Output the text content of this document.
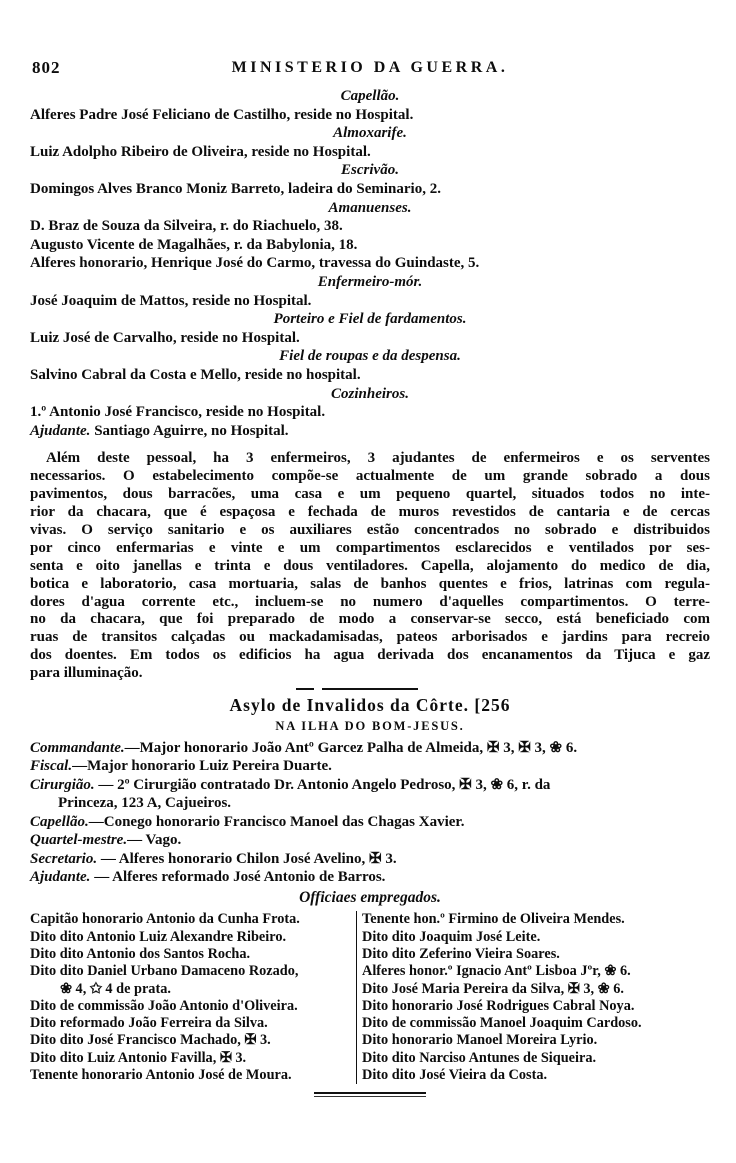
802	MINISTERIO DA GUERRA.
Capellão.
Alferes Padre José Feliciano de Castilho, reside no Hospital.
Almoxarife.
Luiz Adolpho Ribeiro de Oliveira, reside no Hospital.
Escrivão.
Domingos Alves Branco Moniz Barreto, ladeira do Seminario, 2.
Amanuenses.
D. Braz de Souza da Silveira, r. do Riachuelo, 38.
Augusto Vicente de Magalhães, r. da Babylonia, 18.
Alferes honorario, Henrique José do Carmo, travessa do Guindaste, 5.
Enfermeiro-mór.
José Joaquim de Mattos, reside no Hospital.
Porteiro e Fiel de fardamentos.
Luiz José de Carvalho, reside no Hospital.
Fiel de roupas e da despensa.
Salvino Cabral da Costa e Mello, reside no hospital.
Cozinheiros.
1.º Antonio José Francisco, reside no Hospital.
Ajudante. Santiago Aguirre, no Hospital.
Além deste pessoal, ha 3 enfermeiros, 3 ajudantes de enfermeiros e os serventes
necessarios. O estabelecimento compõe-se actualmente de um grande sobrado a dous
pavimentos, dous barracões, uma casa e um pequeno quartel, situados todos no inte-
rior da chacara, que é espaçosa e fechada de muros revestidos de cantaria e de cercas
vivas. O serviço sanitario e os auxiliares estão concentrados no sobrado e distribuidos
por cinco enfermarias e vinte e um compartimentos esclarecidos e ventilados por ses-
senta e oito janellas e trinta e dous ventiladores. Capella, alojamento do medico de dia,
botica e laboratorio, casa mortuaria, salas de banhos quentes e frios, latrinas com regula-
dores d'agua corrente etc., incluem-se no numero d'aquelles compartimentos. O terre-
no da chacara, que foi preparado de modo a conservar-se secco, está beneficiado com
ruas de transitos calçadas ou mackadamisadas, pateos arborisados e jardins para recreio
dos doentes. Em todos os edificios ha agua derivada dos encanamentos da Tijuca e gaz
para illuminação.
Asylo de Invalidos da Côrte. [256
NA ILHA DO BOM-JESUS.
Commandante.—Major honorario João Antº Garcez Palha de Almeida, ✠ 3, ✠ 3, ❀ 6.
Fiscal.—Major honorario Luiz Pereira Duarte.
Cirurgião. — 2º Cirurgião contratado Dr. Antonio Angelo Pedroso, ✠ 3, ❀ 6, r. da
Princeza, 123 A, Cajueiros.
Capellão.—Conego honorario Francisco Manoel das Chagas Xavier.
Quartel-mestre.— Vago.
Secretario. — Alferes honorario Chilon José Avelino, ✠ 3.
Ajudante. — Alferes reformado José Antonio de Barros.
Officiaes empregados.
Capitão honorario Antonio da Cunha Frota.
Dito dito Antonio Luiz Alexandre Ribeiro.
Dito dito Antonio dos Santos Rocha.
Dito dito Daniel Urbano Damaceno Rozado,
❀ 4, ✩ 4 de prata.
Dito de commissão João Antonio d'Oliveira.
Dito reformado João Ferreira da Silva.
Dito dito José Francisco Machado, ✠ 3.
Dito dito Luiz Antonio Favilla, ✠ 3.
Tenente honorario Antonio José de Moura.
Tenente hon.º Firmino de Oliveira Mendes.
Dito dito Joaquim José Leite.
Dito dito Zeferino Vieira Soares.
Alferes honor.º Ignacio Antº Lisboa Jºr, ❀ 6.
Dito José Maria Pereira da Silva, ✠ 3, ❀ 6.
Dito honorario José Rodrigues Cabral Noya.
Dito de commissão Manoel Joaquim Cardoso.
Dito honorario Manoel Moreira Lyrio.
Dito dito Narciso Antunes de Siqueira.
Dito dito José Vieira da Costa.
